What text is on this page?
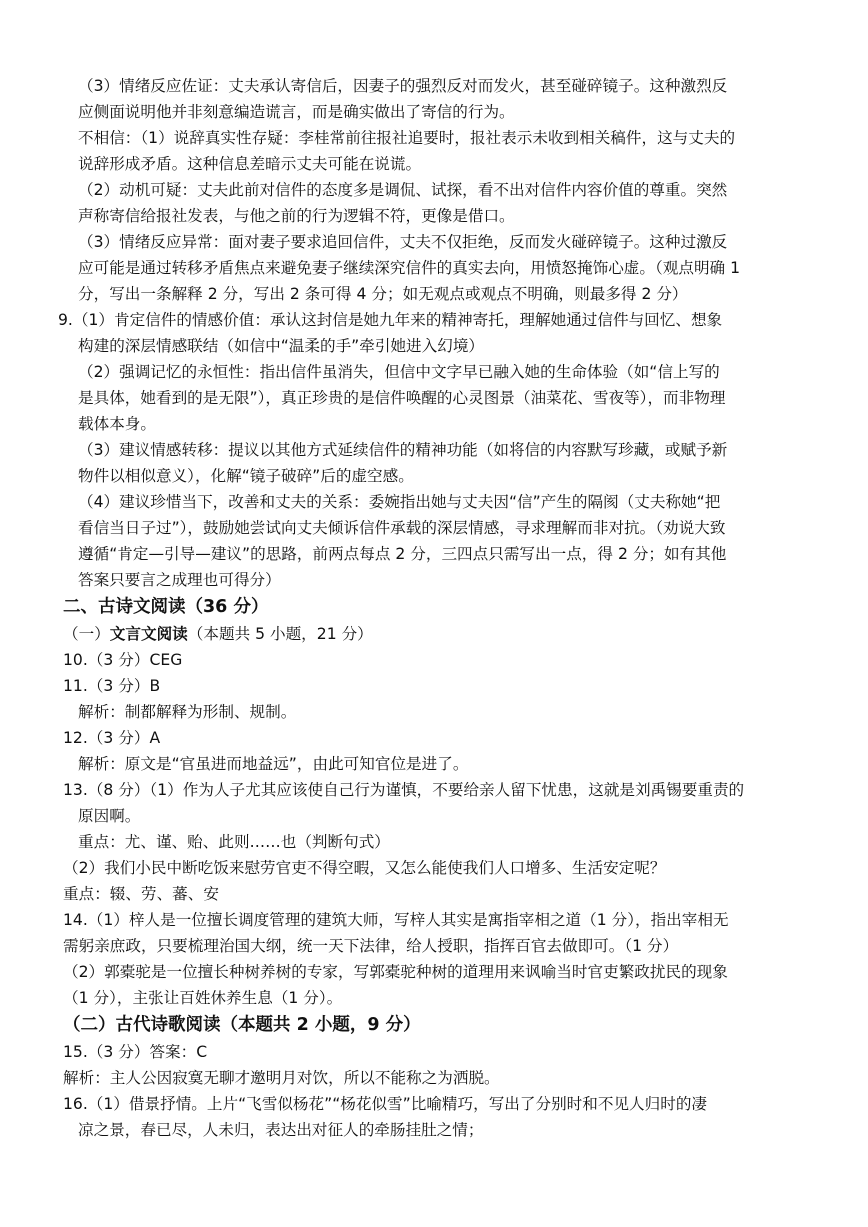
（3）情绪反应佐证：丈夫承认寄信后，因妻子的强烈反对而发火，甚至碰碎镜子。这种激烈反
应侧面说明他并非刻意编造谎言，而是确实做出了寄信的行为。
不相信：（1）说辞真实性存疑：李桂常前往报社追要时，报社表示未收到相关稿件，这与丈夫的
说辞形成矛盾。这种信息差暗示丈夫可能在说谎。
（2）动机可疑：丈夫此前对信件的态度多是调侃、试探，看不出对信件内容价值的尊重。突然
声称寄信给报社发表，与他之前的行为逻辑不符，更像是借口。
（3）情绪反应异常：面对妻子要求追回信件，丈夫不仅拒绝，反而发火碰碎镜子。这种过激反
应可能是通过转移矛盾焦点来避免妻子继续深究信件的真实去向，用愤怒掩饰心虚。（观点明确 1
分，写出一条解释 2 分，写出 2 条可得 4 分；如无观点或观点不明确，则最多得 2 分）
9.（1）肯定信件的情感价值：承认这封信是她九年来的精神寄托，理解她通过信件与回忆、想象
构建的深层情感联结（如信中“温柔的手”牵引她进入幻境）
（2）强调记忆的永恒性：指出信件虽消失，但信中文字早已融入她的生命体验（如“信上写的
是具体，她看到的是无限”），真正珍贵的是信件唤醒的心灵图景（油菜花、雪夜等），而非物理
载体本身。
（3）建议情感转移：提议以其他方式延续信件的精神功能（如将信的内容默写珍藏，或赋予新
物件以相似意义），化解“镜子破碎”后的虚空感。
（4）建议珍惜当下，改善和丈夫的关系：委婉指出她与丈夫因“信”产生的隔阂（丈夫称她“把
看信当日子过”），鼓励她尝试向丈夫倾诉信件承载的深层情感，寻求理解而非对抗。（劝说大致
遵循“肯定—引导—建议”的思路，前两点每点 2 分，三四点只需写出一点，得 2 分；如有其他
答案只要言之成理也可得分）
二、古诗文阅读（36 分）
（一）文言文阅读（本题共 5 小题，21 分）
10.（3 分）CEG
11.（3 分）B
解析：制都解释为形制、规制。
12.（3 分）A
解析：原文是“官虽进而地益远”，由此可知官位是进了。
13.（8 分）（1）作为人子尤其应该使自己行为谨慎，不要给亲人留下忧患，这就是刘禹锡要重责的
原因啊。
重点：尤、谨、贻、此则……也（判断句式）
（2）我们小民中断吃饭来慰劳官吏不得空暇，又怎么能使我们人口增多、生活安定呢？
重点：辍、劳、蕃、安
14.（1）梓人是一位擅长调度管理的建筑大师，写梓人其实是寓指宰相之道（1 分），指出宰相无
需躬亲庶政，只要梳理治国大纲，统一天下法律，给人授职，指挥百官去做即可。（1 分）
（2）郭橐驼是一位擅长种树养树的专家，写郭橐驼种树的道理用来讽喻当时官吏繁政扰民的现象
（1 分），主张让百姓休养生息（1 分）。
（二）古代诗歌阅读（本题共 2 小题，9 分）
15.（3 分）答案：C
解析：主人公因寂寞无聊才邀明月对饮，所以不能称之为洒脱。
16.（1）借景抒情。上片“飞雪似杨花”“杨花似雪”比喻精巧，写出了分别时和不见人归时的凄
凉之景，春已尽，人未归，表达出对征人的牵肠挂肚之情；
